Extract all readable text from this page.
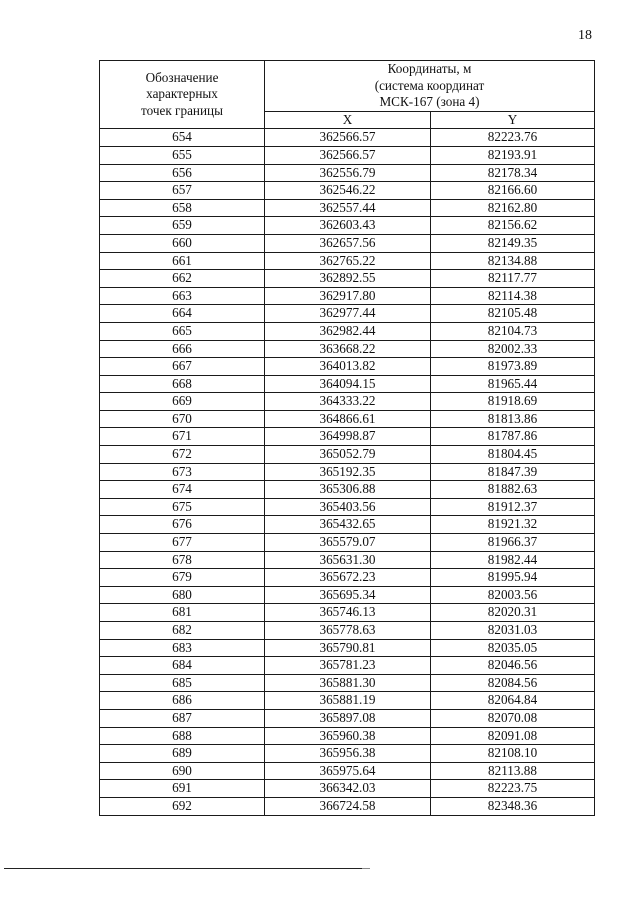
18
Обозначение
характерных
точек границы	Координаты, м
(система координат
МСК-167 (зона 4)	
	X	Y
654	362566.57	82223.76
655	362566.57	82193.91
656	362556.79	82178.34
657	362546.22	82166.60
658	362557.44	82162.80
659	362603.43	82156.62
660	362657.56	82149.35
661	362765.22	82134.88
662	362892.55	82117.77
663	362917.80	82114.38
664	362977.44	82105.48
665	362982.44	82104.73
666	363668.22	82002.33
667	364013.82	81973.89
668	364094.15	81965.44
669	364333.22	81918.69
670	364866.61	81813.86
671	364998.87	81787.86
672	365052.79	81804.45
673	365192.35	81847.39
674	365306.88	81882.63
675	365403.56	81912.37
676	365432.65	81921.32
677	365579.07	81966.37
678	365631.30	81982.44
679	365672.23	81995.94
680	365695.34	82003.56
681	365746.13	82020.31
682	365778.63	82031.03
683	365790.81	82035.05
684	365781.23	82046.56
685	365881.30	82084.56
686	365881.19	82064.84
687	365897.08	82070.08
688	365960.38	82091.08
689	365956.38	82108.10
690	365975.64	82113.88
691	366342.03	82223.75
692	366724.58	82348.36
